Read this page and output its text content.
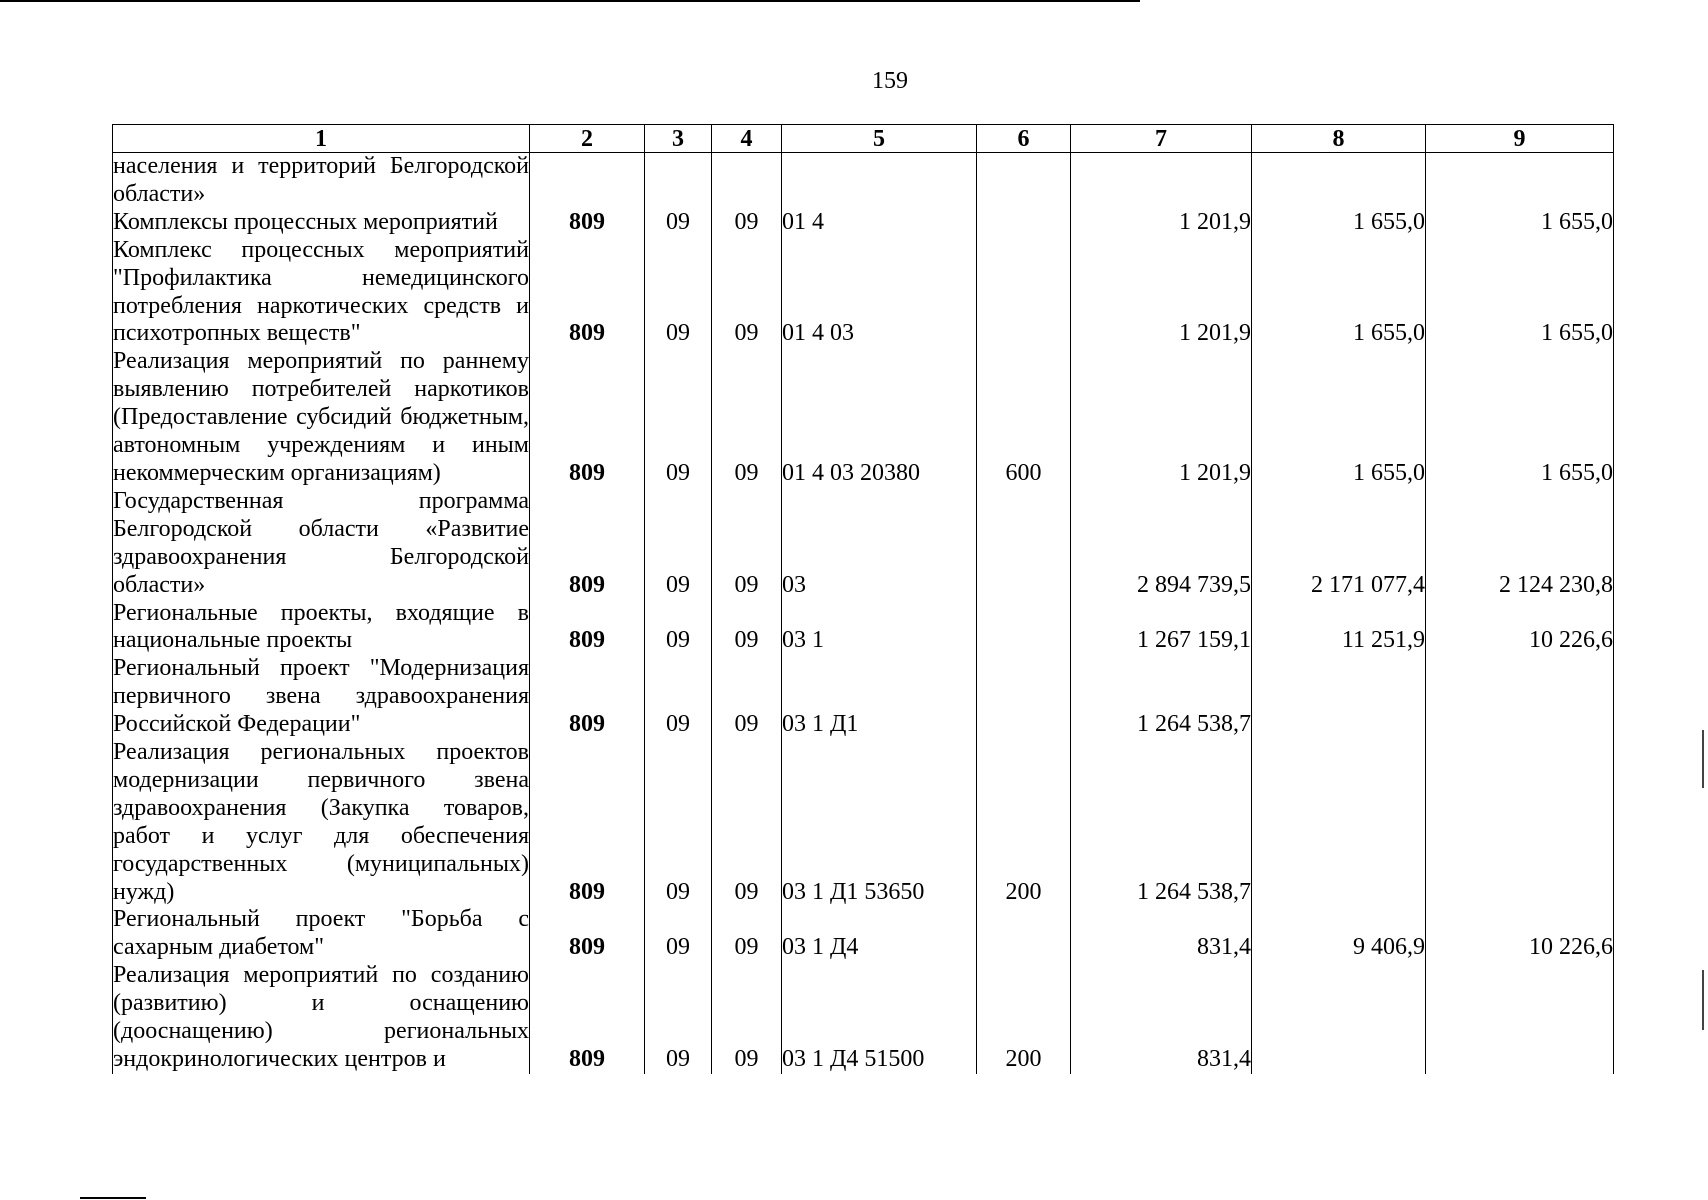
159
1	2	3	4	5	6	7	8	9
населения и территорий Белгородской области»								
Комплексы процессных мероприятий	809	09	09	01 4		1 201,9	1 655,0	1 655,0
Комплекс процессных мероприятий "Профилактика немедицинского потребления наркотических средств и психотропных веществ"	809	09	09	01 4 03		1 201,9	1 655,0	1 655,0
Реализация мероприятий по раннему выявлению потребителей наркотиков (Предоставление субсидий бюджетным, автономным учреждениям и иным некоммерческим организациям)	809	09	09	01 4 03 20380	600	1 201,9	1 655,0	1 655,0
Государственная программа Белгородской области «Развитие здравоохранения Белгородской области»	809	09	09	03		2 894 739,5	2 171 077,4	2 124 230,8
Региональные проекты, входящие в национальные проекты	809	09	09	03 1		1 267 159,1	11 251,9	10 226,6
Региональный проект "Модернизация первичного звена здравоохранения Российской Федерации"	809	09	09	03 1 Д1		1 264 538,7		
Реализация региональных проектов модернизации первичного звена здравоохранения (Закупка товаров, работ и услуг для обеспечения государственных (муниципальных) нужд)	809	09	09	03 1 Д1 53650	200	1 264 538,7		
Региональный проект "Борьба с сахарным диабетом"	809	09	09	03 1 Д4		831,4	9 406,9	10 226,6
Реализация мероприятий по созданию (развитию) и оснащению (дооснащению) региональных эндокринологических центров и	809	09	09	03 1 Д4 51500	200	831,4		
